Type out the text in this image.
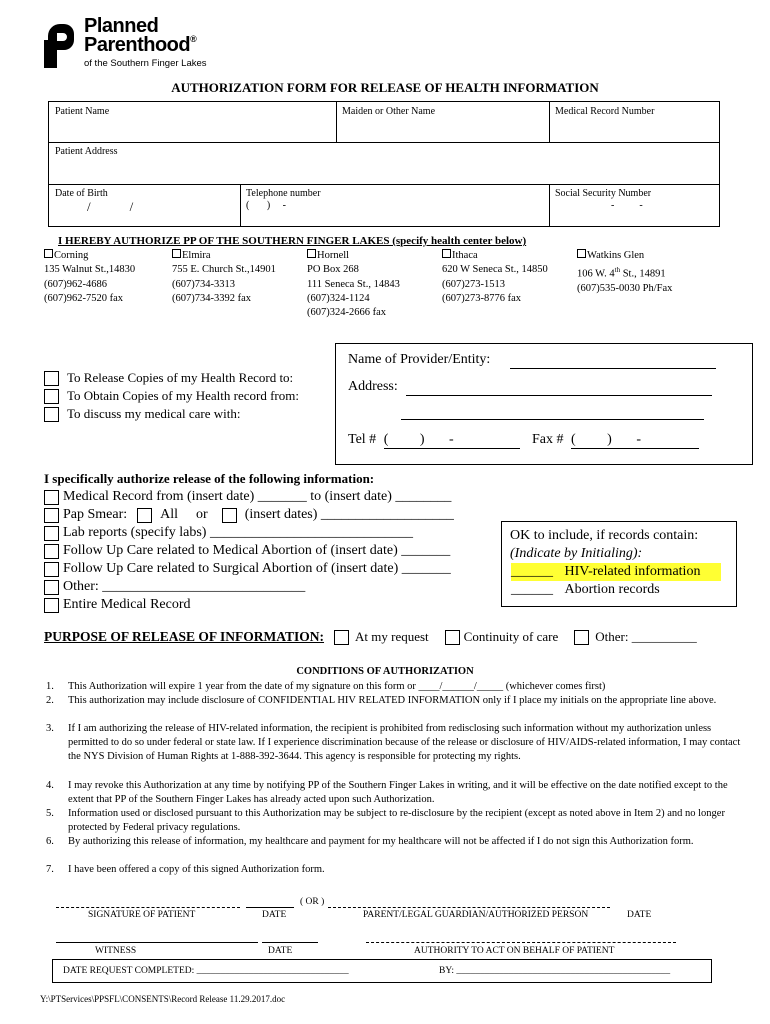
Planned
Parenthood®
of the Southern Finger Lakes
AUTHORIZATION FORM FOR RELEASE OF HEALTH INFORMATION
Patient Name	Maiden or Other Name	Medical Record Number
Patient Address
Date of Birth
/            /
Telephone number
(       )     -
Social Security Number
-          -
I HEREBY AUTHORIZE PP OF THE SOUTHERN FINGER LAKES (specify health center below)
Corning
135 Walnut St.,14830
(607)962-4686
(607)962-7520 fax
Elmira
755 E. Church St.,14901
(607)734-3313
(607)734-3392 fax
Hornell
PO Box 268
111 Seneca St., 14843
(607)324-1124
(607)324-2666 fax
Ithaca
620 W Seneca St., 14850
(607)273-1513
(607)273-8776 fax
Watkins Glen
106 W. 4th St., 14891
(607)535-0030 Ph/Fax
To Release Copies of my Health Record to:
To Obtain Copies of my Health record from:
To discuss my medical care with:
Name of Provider/Entity:
Address:
Tel # (         )       -	Fax # (         )       -
I specifically authorize release of the following information:
Medical Record from (insert date) _______ to (insert date) ________
Pap Smear: All or	(insert dates) ___________________
Lab reports (specify labs) _____________________________
Follow Up Care related to Medical Abortion of (insert date) _______
Follow Up Care related to Surgical Abortion of (insert date) _______
Other: _____________________________
Entire Medical Record
OK to include, if records contain:
(Indicate by Initialing):
______ HIV-related information
______ Abortion records
PURPOSE OF RELEASE OF INFORMATION: At my request	Continuity of care	Other: __________
CONDITIONS OF AUTHORIZATION
1. This Authorization will expire 1 year from the date of my signature on this form or ____/______/_____ (whichever comes first)
2. This authorization may include disclosure of CONFIDENTIAL HIV RELATED INFORMATION only if I place my initials on the appropriate line above.
3. If I am authorizing the release of HIV-related information, the recipient is prohibited from redisclosing such information without my authorization unless permitted to do so under federal or state law. If I experience discrimination because of the release or disclosure of HIV/AIDS-related information, I may contact the NYS Division of Human Rights at 1-888-392-3644. This agency is responsible for protecting my rights.
4. I may revoke this Authorization at any time by notifying PP of the Southern Finger Lakes in writing, and it will be effective on the date notified except to the extent that PP of the Southern Finger Lakes has already acted upon such Authorization.
5. Information used or disclosed pursuant to this Authorization may be subject to re-disclosure by the recipient (except as noted above in Item 2) and no longer protected by Federal privacy regulations.
6. By authorizing this release of information, my healthcare and payment for my healthcare will not be affected if I do not sign this Authorization form.
7. I have been offered a copy of this signed Authorization form.
( OR )
SIGNATURE OF PATIENT	DATE	PARENT/LEGAL GUARDIAN/AUTHORIZED PERSON	DATE
WITNESS	DATE	AUTHORITY TO ACT ON BEHALF OF PATIENT
DATE REQUEST COMPLETED: ________________________________	BY: _____________________________________________
Y:\PTServices\PPSFL\CONSENTS\Record Release 11.29.2017.doc
